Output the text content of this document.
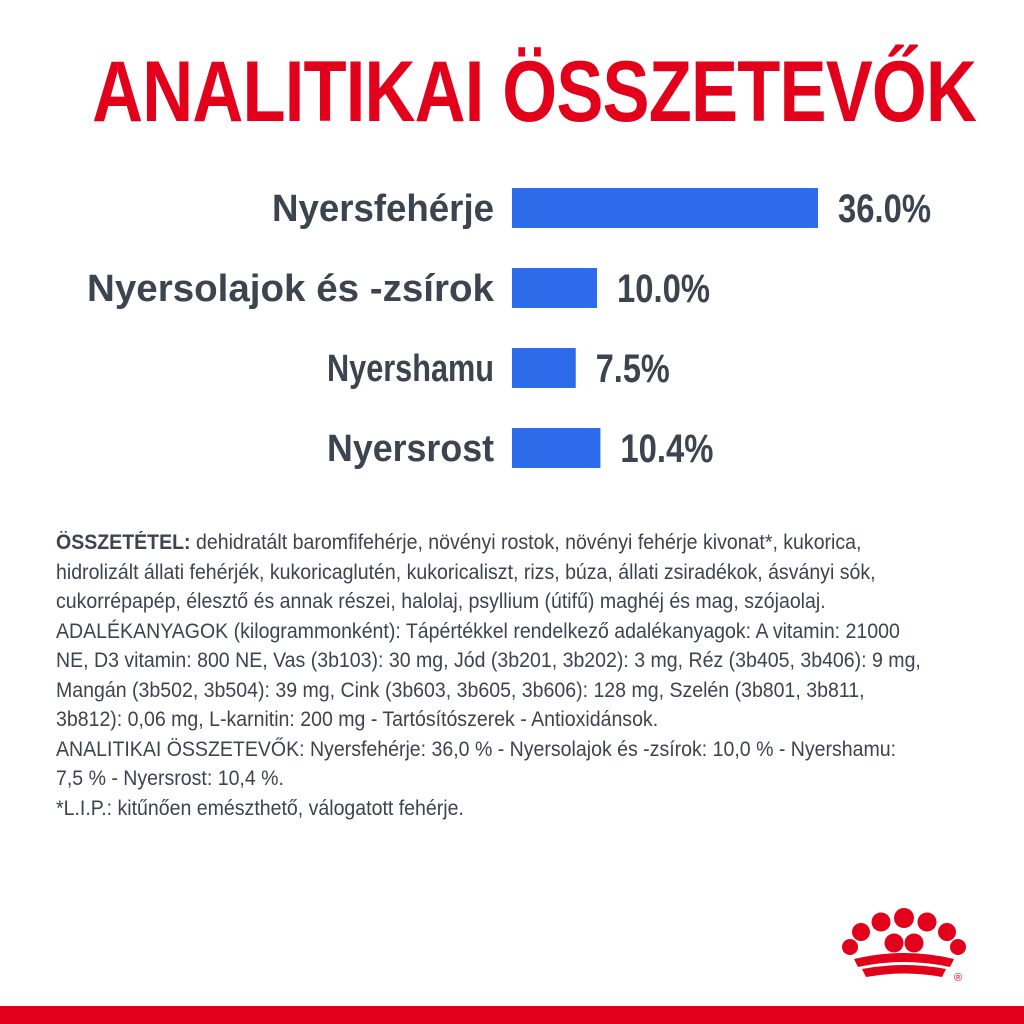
ANALITIKAI ÖSSZETEVŐK
Nyersfehérje	36.0%
Nyersolajok és -zsírok	10.0%
Nyershamu	7.5%
Nyersrost	10.4%

ÖSSZETÉTEL: dehidratált baromfifehérje, növényi rostok, növényi fehérje kivonat*, kukorica, hidrolizált állati fehérjék, kukoricaglutén, kukoricaliszt, rizs, búza, állati zsiradékok, ásványi sók, cukorrépapép, élesztő és annak részei, halolaj, psyllium (útifű) maghéj és mag, szójaolaj.

ADALÉKANYAGOK (kilogrammonként): Tápértékkel rendelkező adalékanyagok: A vitamin: 21000 NE, D3 vitamin: 800 NE, Vas (3b103): 30 mg, Jód (3b201, 3b202): 3 mg, Réz (3b405, 3b406): 9 mg, Mangán (3b502, 3b504): 39 mg, Cink (3b603, 3b605, 3b606): 128 mg, Szelén (3b801, 3b811, 3b812): 0,06 mg, L-karnitin: 200 mg - Tartósítószerek - Antioxidánsok.

ANALITIKAI ÖSSZETEVŐK: Nyersfehérje: 36,0 % - Nyersolajok és -zsírok: 10,0 % - Nyershamu: 7,5 % - Nyersrost: 10,4 %.

*L.I.P.: kitűnően emészthető, válogatott fehérje.

®
